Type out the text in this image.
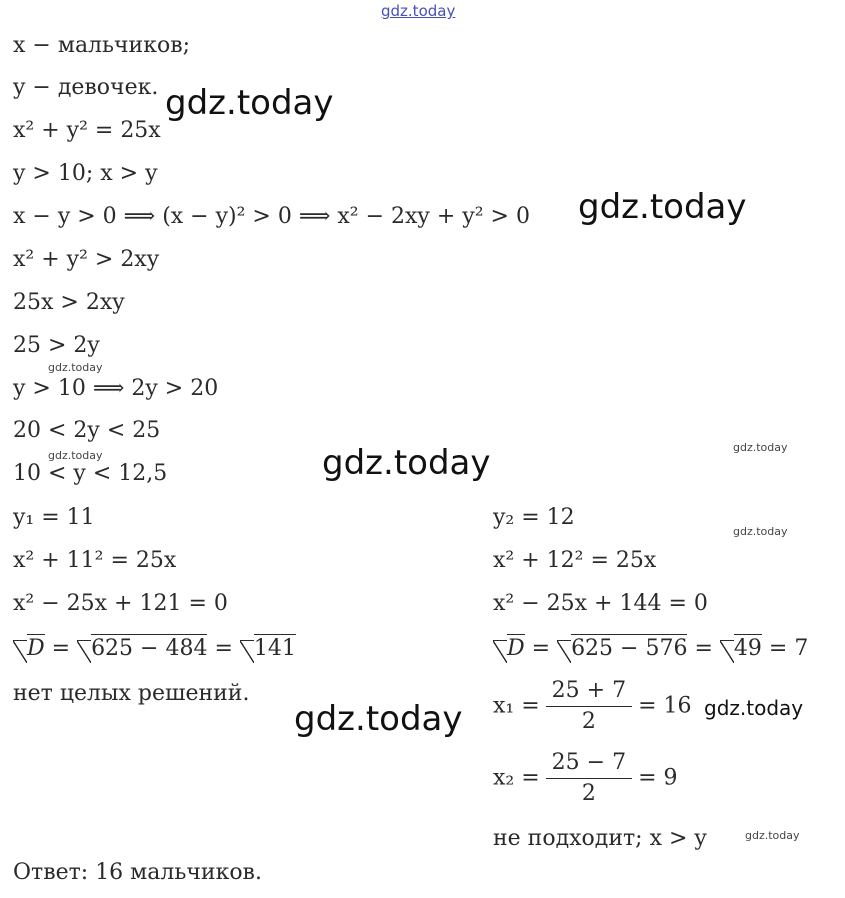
gdz.today
x − мальчиков;
y − девочек.
x² + y² = 25x
y > 10; x > y
x − y > 0 ⟹ (x − y)² > 0 ⟹ x² − 2xy + y² > 0
x² + y² > 2xy
25x > 2xy
25 > 2y
y > 10 ⟹ 2y > 20
20 < 2y < 25
10 < y < 12,5
y₁ = 11
x² + 11² = 25x
x² − 25x + 121 = 0
D = 625 − 484 = 141
нет целых решений.
Ответ: 16 мальчиков.
y₂ = 12
x² + 12² = 25x
x² − 25x + 144 = 0
D = 625 − 576 = 49 = 7
$x_1 = \frac{25 + 7}{2} = 16$
$x_2 = \frac{25 - 7}{2} = 9$
не подходит; x > y
gdz.today
gdz.today
gdz.today
gdz.today	gdz.today
gdz.today
gdz.today
gdz.today
gdz.today
gdz.today
